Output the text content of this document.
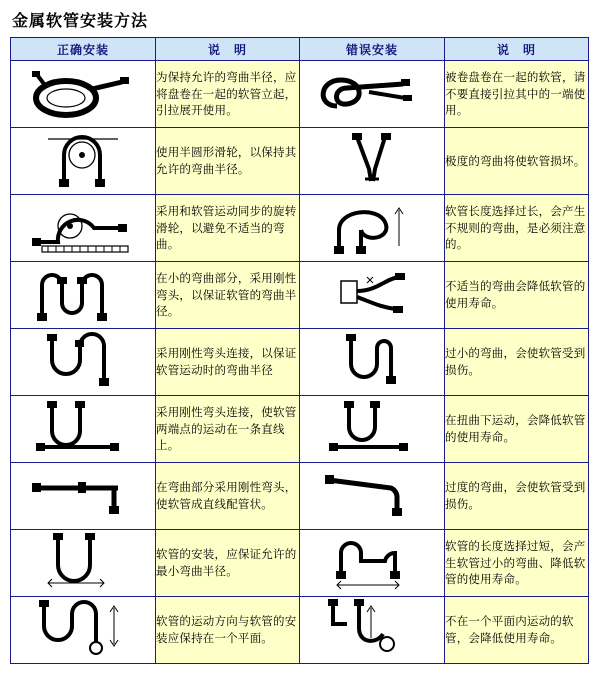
金属软管安装方法
正确安装	说　明	错误安装	说　明

	为保持允许的弯曲半径，应将盘卷在一起的软管立起，引拉展开使用。		被卷盘卷在一起的软管，请不要直接引拉其中的一端使用。

	使用半圆形滑轮，以保持其允许的弯曲半径。		极度的弯曲将使软管损坏。

	采用和软管运动同步的旋转滑轮，以避免不适当的弯曲。		软管长度选择过长，会产生不规则的弯曲，是必须注意的。

	在小的弯曲部分，采用刚性弯头，以保证软管的弯曲半径。		不适当的弯曲会降低软管的使用寿命。

	采用刚性弯头连接，以保证软管运动时的弯曲半径		过小的弯曲，会使软管受到损伤。

	采用刚性弯头连接，使软管两端点的运动在一条直线上。		在扭曲下运动，会降低软管的使用寿命。

	在弯曲部分采用刚性弯头，使软管成直线配管状。		过度的弯曲，会使软管受到损伤。

	软管的安装，应保证允许的最小弯曲半径。		软管的长度选择过短，会产生软管过小的弯曲、降低软管的使用寿命。

	软管的运动方向与软管的安装应保持在一个平面。		不在一个平面内运动的软管，会降低使用寿命。
